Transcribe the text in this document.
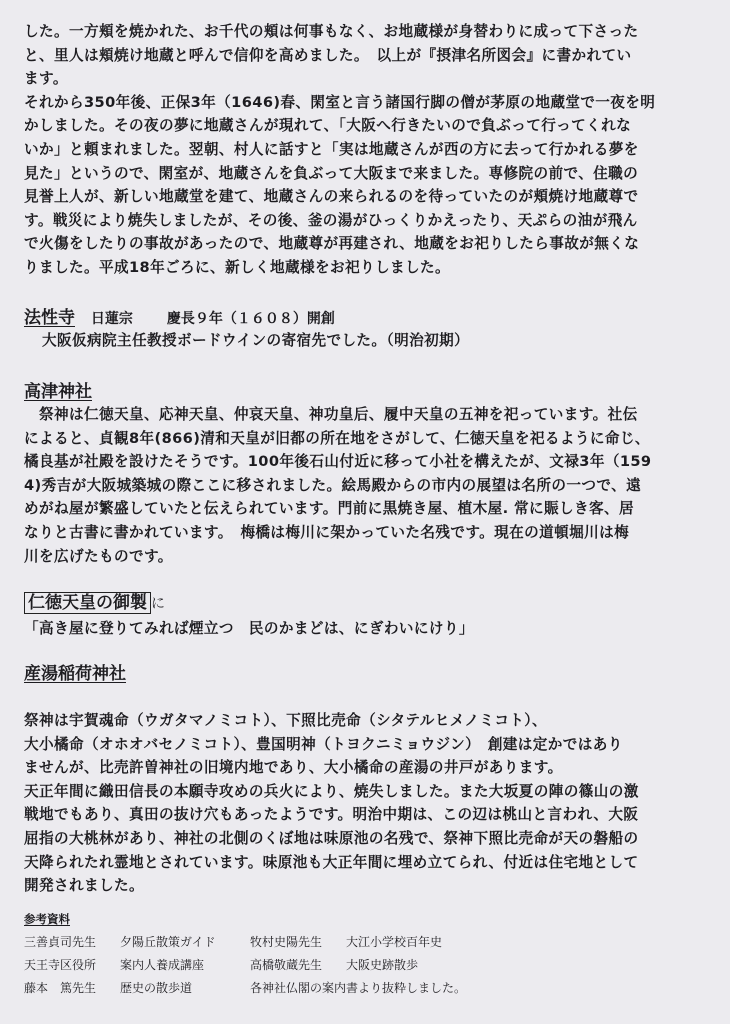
した。一方頬を焼かれた、お千代の頬は何事もなく、お地蔵様が身替わりに成って下さった
と、里人は頬焼け地蔵と呼んで信仰を高めました。　以上が『摂津名所図会』に書かれてい
ます。
それから350年後、正保3年（1646)春、閑室と言う諸国行脚の僧が茅原の地蔵堂で一夜を明
かしました。その夜の夢に地蔵さんが現れて、「大阪へ行きたいので負ぶって行ってくれな
いか」と頼まれました。翌朝、村人に話すと「実は地蔵さんが西の方に去って行かれる夢を
見た」というので、閑室が、地蔵さんを負ぶって大阪まで来ました。専修院の前で、住職の
見誉上人が、新しい地蔵堂を建て、地蔵さんの来られるのを待っていたのが頬焼け地蔵尊で
す。戦災により焼失しましたが、その後、釜の湯がひっくりかえったり、天ぷらの油が飛ん
で火傷をしたりの事故があったので、地蔵尊が再建され、地蔵をお祀りしたら事故が無くな
りました。平成18年ごろに、新しく地蔵様をお祀りしました。
法性寺 日蓮宗 慶長９年（１６０８）開創
大阪仮病院主任教授ボードウインの寄宿先でした。（明治初期）
高津神社
　祭神は仁徳天皇、応神天皇、仲哀天皇、神功皇后、履中天皇の五神を祀っています。社伝
によると、貞観8年(866)清和天皇が旧都の所在地をさがして、仁徳天皇を祀るように命じ、
橘良基が社殿を設けたそうです。100年後石山付近に移って小社を構えたが、文禄3年（159
4)秀吉が大阪城築城の際ここに移されました。絵馬殿からの市内の展望は名所の一つで、遠
めがね屋が繁盛していたと伝えられています。門前に黒焼き屋、植木屋. 常に賑しき客、居
なりと古書に書かれています。　梅橋は梅川に架かっていた名残です。現在の道頓堀川は梅
川を広げたものです。
仁徳天皇の御製 に
「高き屋に登りてみれば煙立つ　民のかまどは、にぎわいにけり」
産湯稲荷神社
祭神は宇賀魂命（ウガタマノミコト）、下照比売命（シタテルヒメノミコト）、
大小橘命（オホオバセノミコト）、豊国明神（トヨクニミョウジン）　創建は定かではあり
ませんが、比売許曽神社の旧境内地であり、大小橘命の産湯の井戸があります。
天正年間に織田信長の本願寺攻めの兵火により、焼失しました。また大坂夏の陣の篠山の激
戦地でもあり、真田の抜け穴もあったようです。明治中期は、この辺は桃山と言われ、大阪
屈指の大桃林があり、神社の北側のくぼ地は味原池の名残で、祭神下照比売命が天の磐船の
天降られたれ霊地とされています。味原池も大正年間に埋め立てられ、付近は住宅地として
開発されました。
参考資料
三善貞司先生 夕陽丘散策ガイド	牧村史陽先生 大江小学校百年史
天王寺区役所 案内人養成講座	高橋敬蔵先生 大阪史跡散歩
藤本　篤先生 歴史の散歩道	各神社仏閣の案内書より抜粋しました。
